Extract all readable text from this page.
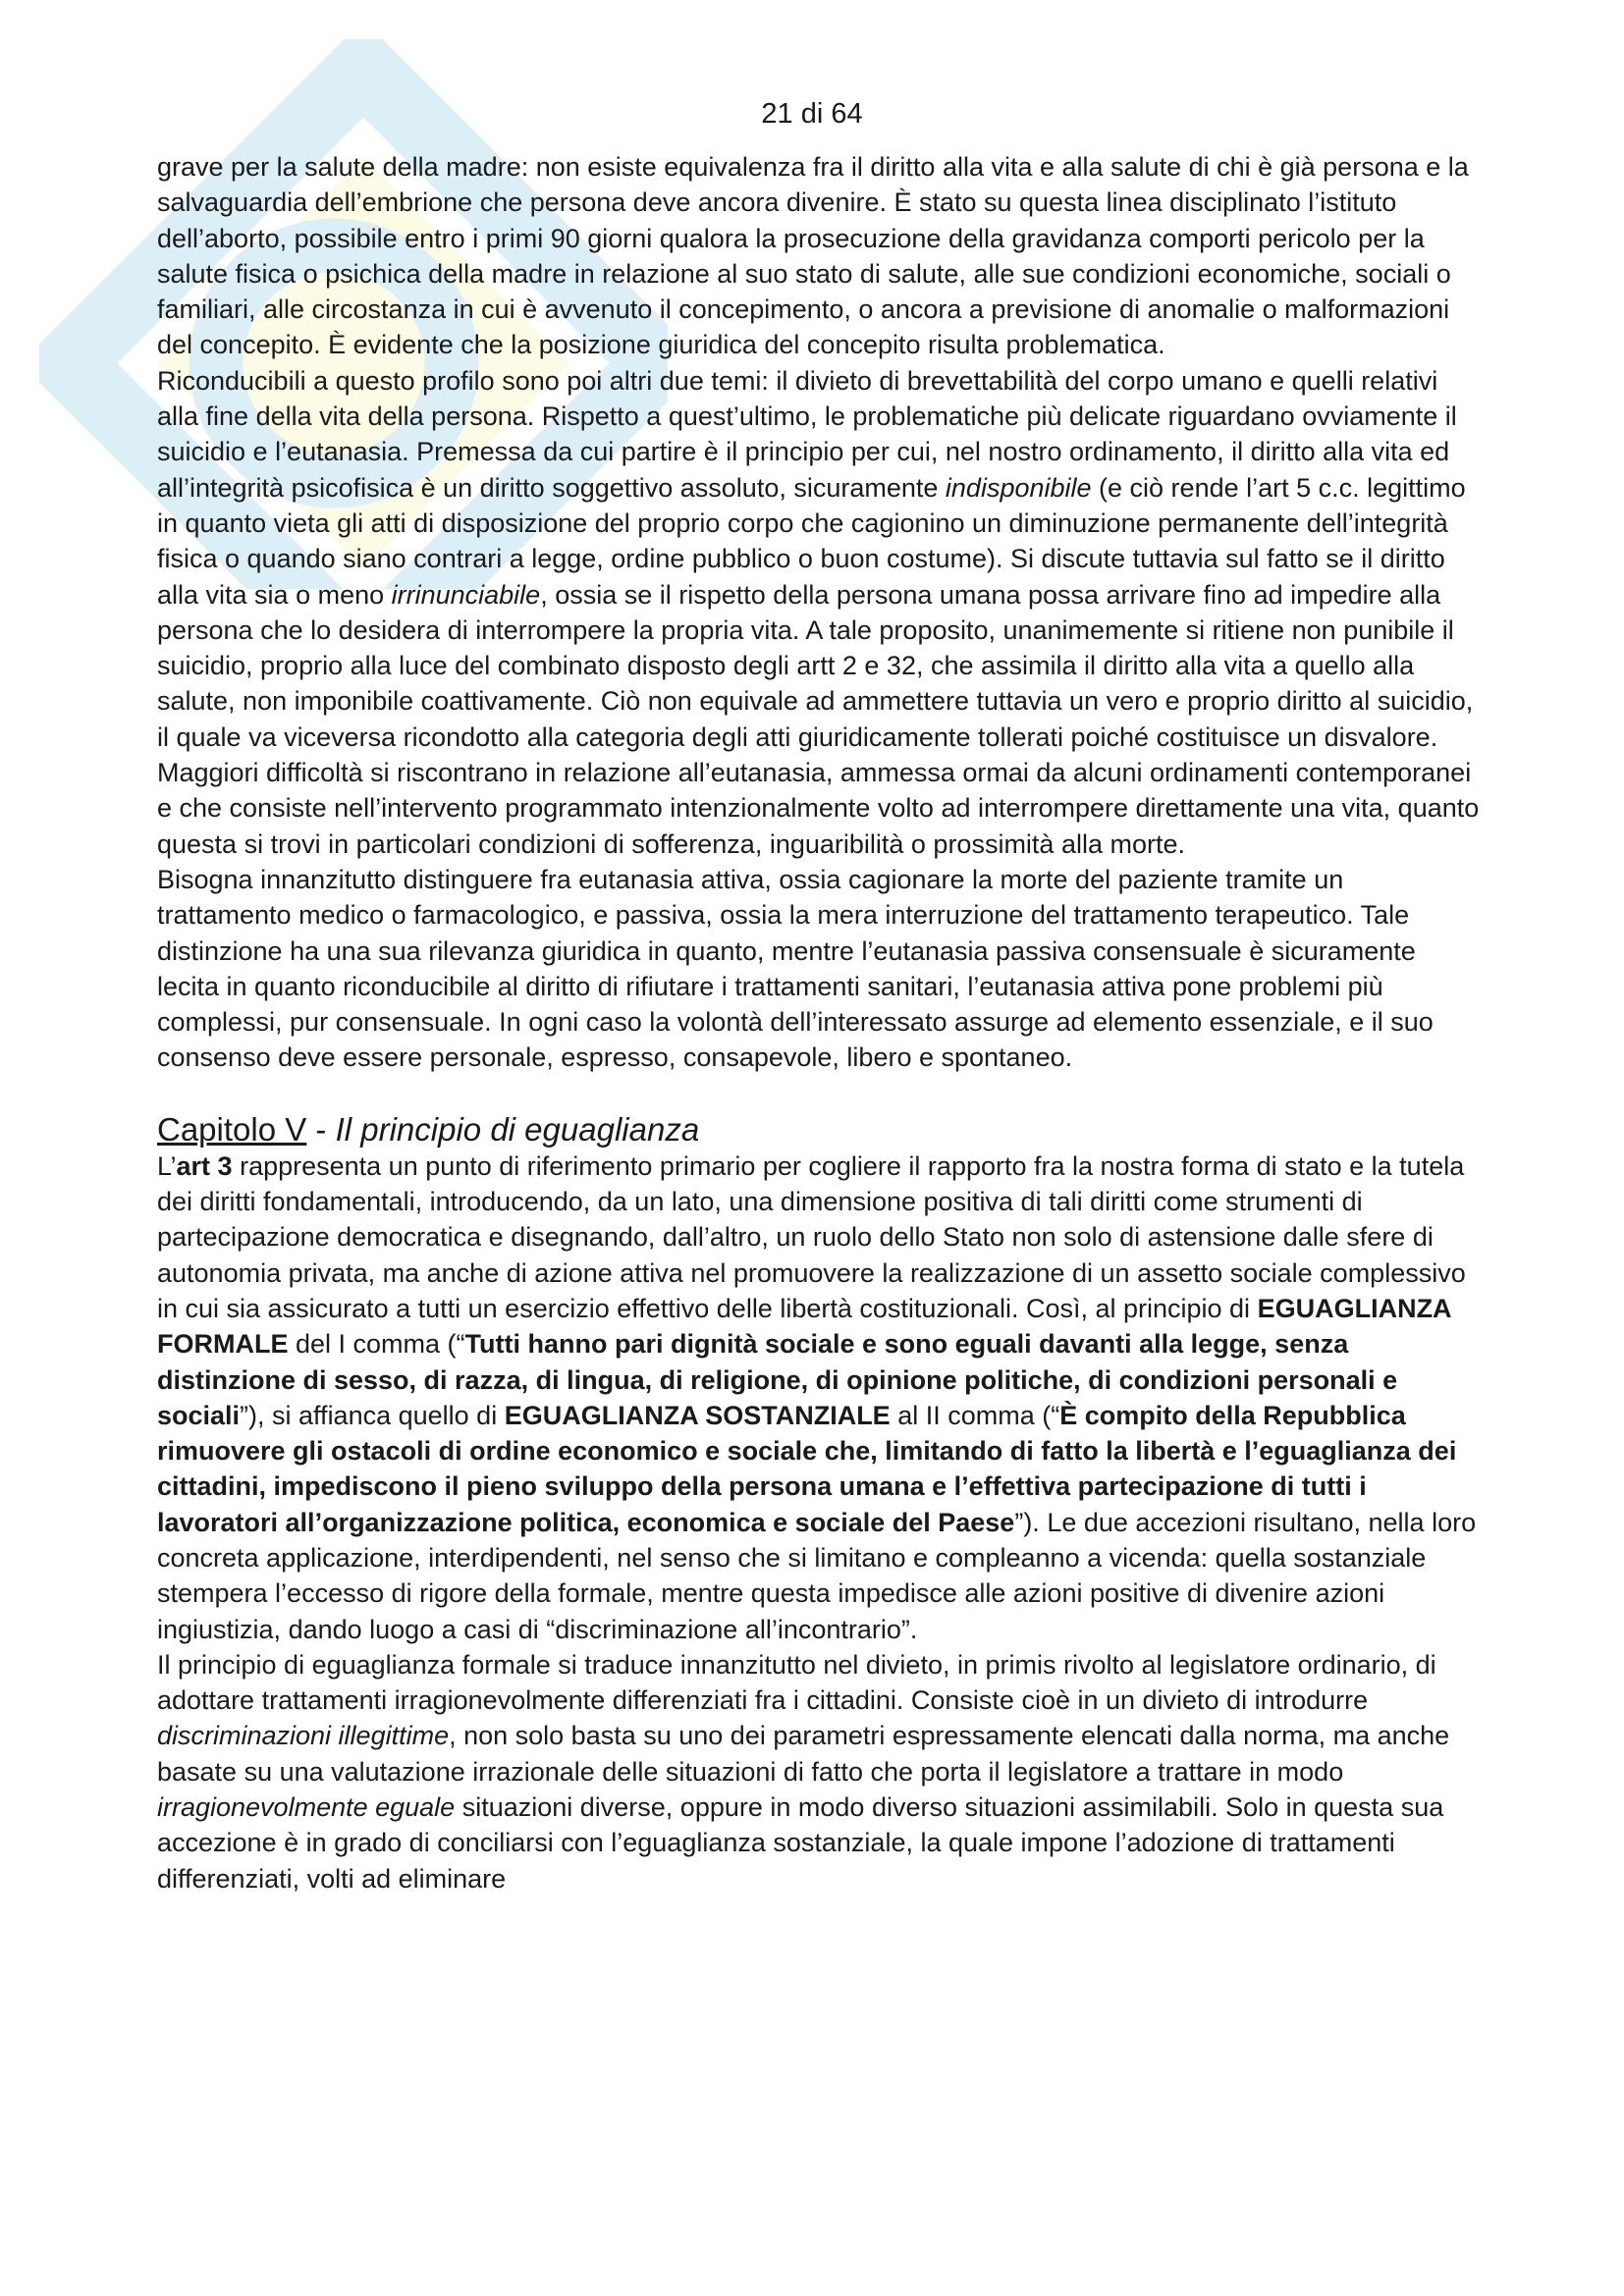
21 di 64

grave per la salute della madre: non esiste equivalenza fra il diritto alla vita e alla salute di chi è già persona e la salvaguardia dell’embrione che persona deve ancora divenire. È stato su questa linea disciplinato l’istituto dell’aborto, possibile entro i primi 90 giorni qualora la prosecuzione della gravidanza comporti pericolo per la salute fisica o psichica della madre in relazione al suo stato di salute, alle sue condizioni economiche, sociali o familiari, alle circostanza in cui è avvenuto il concepimento, o ancora a previsione di anomalie o malformazioni del concepito. È evidente che la posizione giuridica del concepito risulta problematica.

Riconducibili a questo profilo sono poi altri due temi: il divieto di brevettabilità del corpo umano e quelli relativi alla fine della vita della persona. Rispetto a quest’ultimo, le problematiche più delicate riguardano ovviamente il suicidio e l’eutanasia. Premessa da cui partire è il principio per cui, nel nostro ordinamento, il diritto alla vita ed all’integrità psicofisica è un diritto soggettivo assoluto, sicuramente indisponibile (e ciò rende l’art 5 c.c. legittimo in quanto vieta gli atti di disposizione del proprio corpo che cagionino un diminuzione permanente dell’integrità fisica o quando siano contrari a legge, ordine pubblico o buon costume). Si discute tuttavia sul fatto se il diritto alla vita sia o meno irrinunciabile, ossia se il rispetto della persona umana possa arrivare fino ad impedire alla persona che lo desidera di interrompere la propria vita. A tale proposito, unanimemente si ritiene non punibile il suicidio, proprio alla luce del combinato disposto degli artt 2 e 32, che assimila il diritto alla vita a quello alla salute, non imponibile coattivamente. Ciò non equivale ad ammettere tuttavia un vero e proprio diritto al suicidio, il quale va viceversa ricondotto alla categoria degli atti giuridicamente tollerati poiché costituisce un disvalore. Maggiori difficoltà si riscontrano in relazione all’eutanasia, ammessa ormai da alcuni ordinamenti contemporanei e che consiste nell’intervento programmato intenzionalmente volto ad interrompere direttamente una vita, quanto questa si trovi in particolari condizioni di sofferenza, inguaribilità o prossimità alla morte.

Bisogna innanzitutto distinguere fra eutanasia attiva, ossia cagionare la morte del paziente tramite un trattamento medico o farmacologico, e passiva, ossia la mera interruzione del trattamento terapeutico. Tale distinzione ha una sua rilevanza giuridica in quanto, mentre l’eutanasia passiva consensuale è sicuramente lecita in quanto riconducibile al diritto di rifiutare i trattamenti sanitari, l’eutanasia attiva pone problemi più complessi, pur consensuale. In ogni caso la volontà dell’interessato assurge ad elemento essenziale, e il suo consenso deve essere personale, espresso, consapevole, libero e spontaneo.

Capitolo V - Il principio di eguaglianza

L’art 3 rappresenta un punto di riferimento primario per cogliere il rapporto fra la nostra forma di stato e la tutela dei diritti fondamentali, introducendo, da un lato, una dimensione positiva di tali diritti come strumenti di partecipazione democratica e disegnando, dall’altro, un ruolo dello Stato non solo di astensione dalle sfere di autonomia privata, ma anche di azione attiva nel promuovere la realizzazione di un assetto sociale complessivo in cui sia assicurato a tutti un esercizio effettivo delle libertà costituzionali. Così, al principio di EGUAGLIANZA FORMALE del I comma (“Tutti hanno pari dignità sociale e sono eguali davanti alla legge, senza distinzione di sesso, di razza, di lingua, di religione, di opinione politiche, di condizioni personali e sociali”), si affianca quello di EGUAGLIANZA SOSTANZIALE al II comma (“È compito della Repubblica rimuovere gli ostacoli di ordine economico e sociale che, limitando di fatto la libertà e l’eguaglianza dei cittadini, impediscono il pieno sviluppo della persona umana e l’effettiva partecipazione di tutti i lavoratori all’organizzazione politica, economica e sociale del Paese”). Le due accezioni risultano, nella loro concreta applicazione, interdipendenti, nel senso che si limitano e compleanno a vicenda: quella sostanziale stempera l’eccesso di rigore della formale, mentre questa impedisce alle azioni positive di divenire azioni ingiustizia, dando luogo a casi di “discriminazione all’incontrario”.

Il principio di eguaglianza formale si traduce innanzitutto nel divieto, in primis rivolto al legislatore ordinario, di adottare trattamenti irragionevolmente differenziati fra i cittadini. Consiste cioè in un divieto di introdurre discriminazioni illegittime, non solo basta su uno dei parametri espressamente elencati dalla norma, ma anche basate su una valutazione irrazionale delle situazioni di fatto che porta il legislatore a trattare in modo irragionevolmente eguale situazioni diverse, oppure in modo diverso situazioni assimilabili. Solo in questa sua accezione è in grado di conciliarsi con l’eguaglianza sostanziale, la quale impone l’adozione di trattamenti differenziati, volti ad eliminare
